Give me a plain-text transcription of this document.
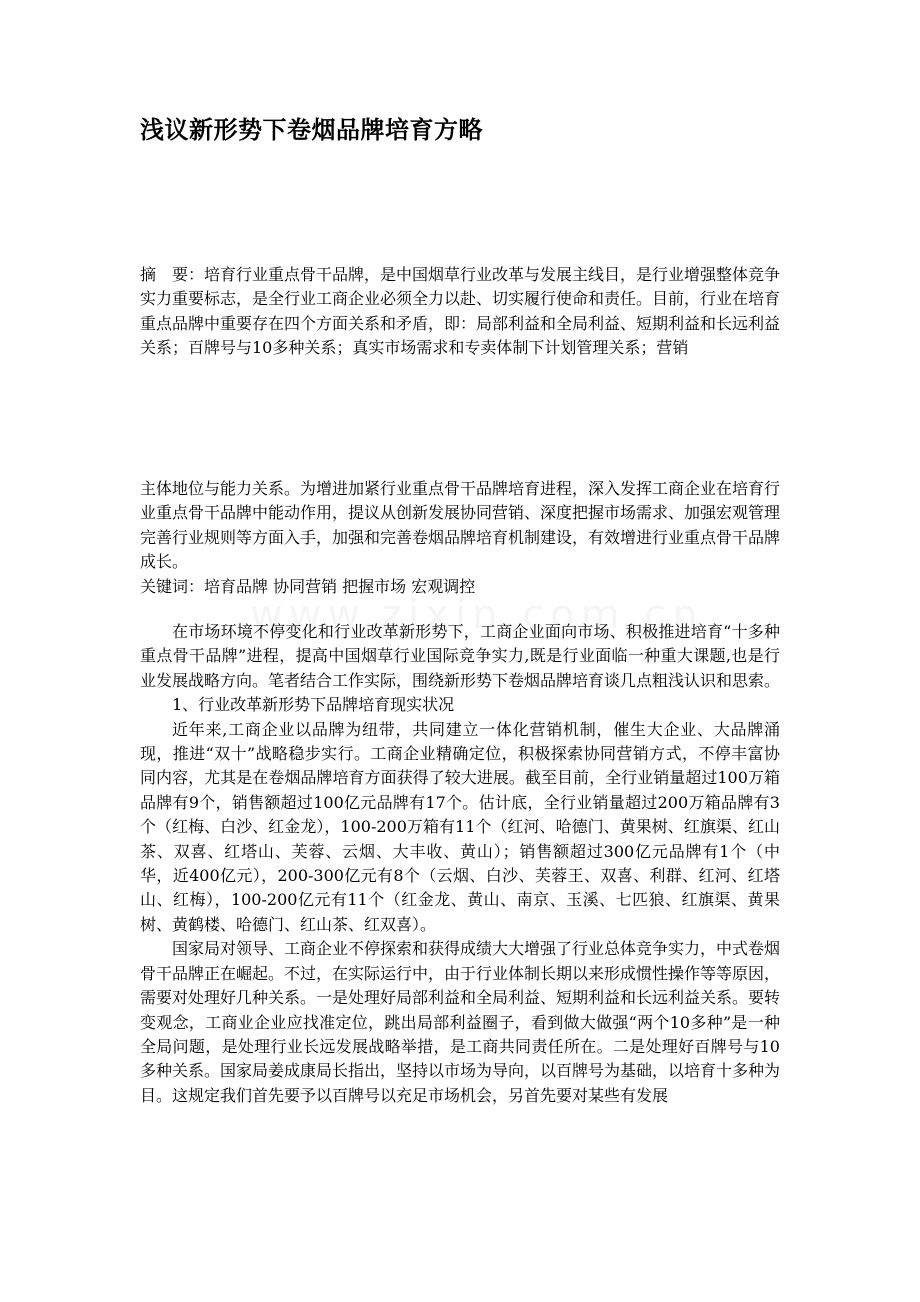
浅议新形势下卷烟品牌培育方略

摘　要：培育行业重点骨干品牌，是中国烟草行业改革与发展主线目，是行业增强整体竞争实力重要标志，是全行业工商企业必须全力以赴、切实履行使命和责任。目前，行业在培育重点品牌中重要存在四个方面关系和矛盾，即：局部利益和全局利益、短期利益和长远利益关系；百牌号与10多种关系；真实市场需求和专卖体制下计划管理关系；营销

主体地位与能力关系。为增进加紧行业重点骨干品牌培育进程，深入发挥工商企业在培育行业重点骨干品牌中能动作用，提议从创新发展协同营销、深度把握市场需求、加强宏观管理完善行业规则等方面入手，加强和完善卷烟品牌培育机制建设，有效增进行业重点骨干品牌成长。

关键词：培育品牌 协同营销 把握市场 宏观调控

在市场环境不停变化和行业改革新形势下，工商企业面向市场、积极推进培育“十多种重点骨干品牌”进程，提高中国烟草行业国际竞争实力,既是行业面临一种重大课题,也是行业发展战略方向。笔者结合工作实际，围绕新形势下卷烟品牌培育谈几点粗浅认识和思索。

1、行业改革新形势下品牌培育现实状况

近年来,工商企业以品牌为纽带，共同建立一体化营销机制，催生大企业、大品牌涌现，推进“双十”战略稳步实行。工商企业精确定位，积极探索协同营销方式，不停丰富协同内容，尤其是在卷烟品牌培育方面获得了较大进展。截至目前，全行业销量超过100万箱品牌有9个，销售额超过100亿元品牌有17个。估计底，全行业销量超过200万箱品牌有3个（红梅、白沙、红金龙），100-200万箱有11个（红河、哈德门、黄果树、红旗渠、红山茶、双喜、红塔山、芙蓉、云烟、大丰收、黄山）；销售额超过300亿元品牌有1个（中华，近400亿元），200-300亿元有8个（云烟、白沙、芙蓉王、双喜、利群、红河、红塔山、红梅），100-200亿元有11个（红金龙、黄山、南京、玉溪、七匹狼、红旗渠、黄果树、黄鹤楼、哈德门、红山茶、红双喜）。

国家局对领导、工商企业不停探索和获得成绩大大增强了行业总体竞争实力，中式卷烟骨干品牌正在崛起。不过，在实际运行中，由于行业体制长期以来形成惯性操作等等原因，需要对处理好几种关系。一是处理好局部利益和全局利益、短期利益和长远利益关系。要转变观念，工商业企业应找准定位，跳出局部利益圈子，看到做大做强“两个10多种”是一种全局问题，是处理行业长远发展战略举措，是工商共同责任所在。二是处理好百牌号与10多种关系。国家局姜成康局长指出，坚持以市场为导向，以百牌号为基础，以培育十多种为目。这规定我们首先要予以百牌号以充足市场机会，另首先要对某些有发展
